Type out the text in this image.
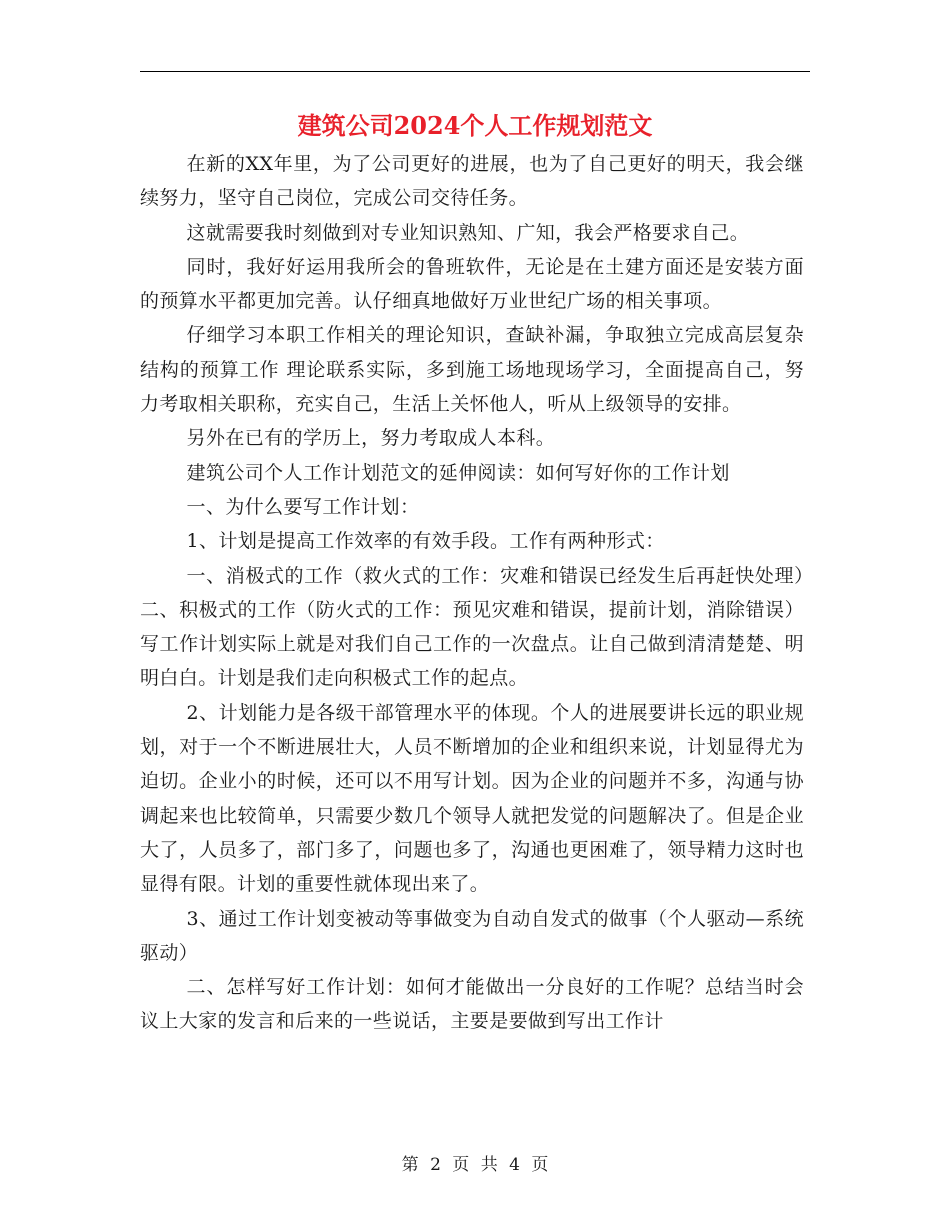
建筑公司2024个人工作规划范文

在新的XX年里，为了公司更好的进展，也为了自己更好的明天，我会继续努力，坚守自己岗位，完成公司交待任务。

这就需要我时刻做到对专业知识熟知、广知，我会严格要求自己。

同时，我好好运用我所会的鲁班软件，无论是在土建方面还是安装方面的预算水平都更加完善。认仔细真地做好万业世纪广场的相关事项。

仔细学习本职工作相关的理论知识，查缺补漏，争取独立完成高层复杂结构的预算工作 理论联系实际，多到施工场地现场学习，全面提高自己，努力考取相关职称，充实自己，生活上关怀他人，听从上级领导的安排。

另外在已有的学历上，努力考取成人本科。

建筑公司个人工作计划范文的延伸阅读：如何写好你的工作计划

一、为什么要写工作计划：

1、计划是提高工作效率的有效手段。工作有两种形式：

一、消极式的工作（救火式的工作：灾难和错误已经发生后再赶快处理）二、积极式的工作（防火式的工作：预见灾难和错误，提前计划，消除错误）写工作计划实际上就是对我们自己工作的一次盘点。让自己做到清清楚楚、明明白白。计划是我们走向积极式工作的起点。

2、计划能力是各级干部管理水平的体现。个人的进展要讲长远的职业规划，对于一个不断进展壮大，人员不断增加的企业和组织来说，计划显得尤为迫切。企业小的时候，还可以不用写计划。因为企业的问题并不多，沟通与协调起来也比较简单，只需要少数几个领导人就把发觉的问题解决了。但是企业大了，人员多了，部门多了，问题也多了，沟通也更困难了，领导精力这时也显得有限。计划的重要性就体现出来了。

3、通过工作计划变被动等事做变为自动自发式的做事（个人驱动—系统驱动）

二、怎样写好工作计划：如何才能做出一分良好的工作呢？总结当时会议上大家的发言和后来的一些说话，主要是要做到写出工作计

第 2 页 共 4 页
